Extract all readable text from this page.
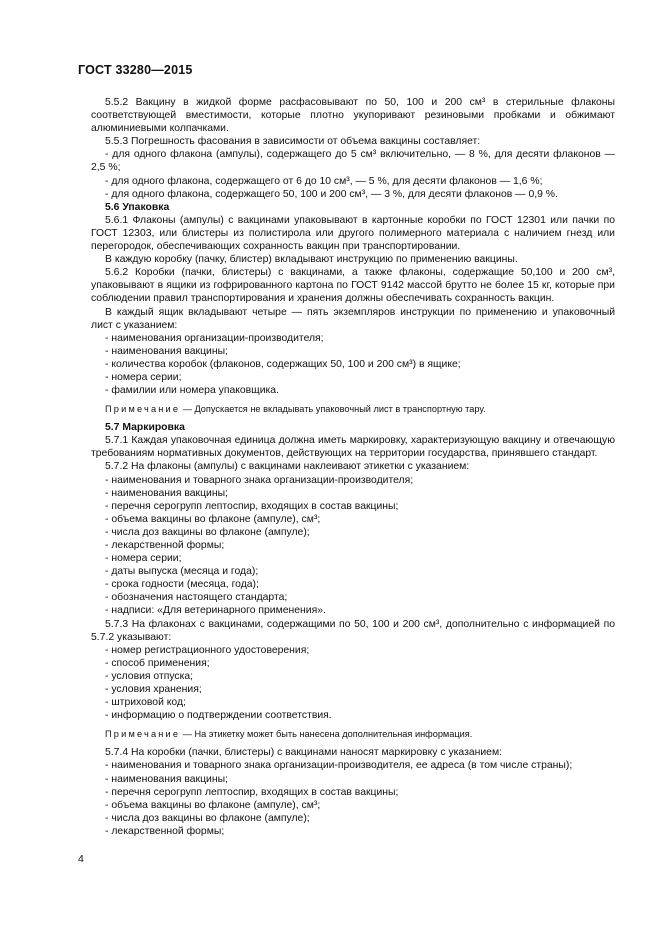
ГОСТ 33280—2015

5.5.2 Вакцину в жидкой форме расфасовывают по 50, 100 и 200 см³ в стерильные флаконы соответствующей вместимости, которые плотно укупоривают резиновыми пробками и обжимают алюминиевыми колпачками.

5.5.3 Погрешность фасования в зависимости от объема вакцины составляет:

- для одного флакона (ампулы), содержащего до 5 см³ включительно, — 8 %, для десяти флаконов — 2,5 %;

- для одного флакона, содержащего от 6 до 10 см³, — 5 %, для десяти флаконов — 1,6 %;

- для одного флакона, содержащего 50, 100 и 200 см³, — 3 %, для десяти флаконов — 0,9 %.

5.6 Упаковка

5.6.1 Флаконы (ампулы) с вакцинами упаковывают в картонные коробки по ГОСТ 12301 или пачки по ГОСТ 12303, или блистеры из полистирола или другого полимерного материала с наличием гнезд или перегородок, обеспечивающих сохранность вакцин при транспортировании.

В каждую коробку (пачку, блистер) вкладывают инструкцию по применению вакцины.

5.6.2 Коробки (пачки, блистеры) с вакцинами, а также флаконы, содержащие 50,100 и 200 см³, упаковывают в ящики из гофрированного картона по ГОСТ 9142 массой брутто не более 15 кг, которые при соблюдении правил транспортирования и хранения должны обеспечивать сохранность вакцин.

В каждый ящик вкладывают четыре — пять экземпляров инструкции по применению и упаковочный лист с указанием:

- наименования организации-производителя;

- наименования вакцины;

- количества коробок (флаконов, содержащих 50, 100 и 200 см³) в ящике;

- номера серии;

- фамилии или номера упаковщика.

Примечание — Допускается не вкладывать упаковочный лист в транспортную тару.

5.7 Маркировка

5.7.1 Каждая упаковочная единица должна иметь маркировку, характеризующую вакцину и отвечающую требованиям нормативных документов, действующих на территории государства, принявшего стандарт.

5.7.2 На флаконы (ампулы) с вакцинами наклеивают этикетки с указанием:

- наименования и товарного знака организации-производителя;

- наименования вакцины;

- перечня серогрупп лептоспир, входящих в состав вакцины;

- объема вакцины во флаконе (ампуле), см³;

- числа доз вакцины во флаконе (ампуле);

- лекарственной формы;

- номера серии;

- даты выпуска (месяца и года);

- срока годности (месяца, года);

- обозначения настоящего стандарта;

- надписи: «Для ветеринарного применения».

5.7.3 На флаконах с вакцинами, содержащими по 50, 100 и 200 см³, дополнительно с информацией по 5.7.2 указывают:

- номер регистрационного удостоверения;

- способ применения;

- условия отпуска;

- условия хранения;

- штриховой код;

- информацию о подтверждении соответствия.

Примечание — На этикетку может быть нанесена дополнительная информация.

5.7.4 На коробки (пачки, блистеры) с вакцинами наносят маркировку с указанием:

- наименования и товарного знака организации-производителя, ее адреса (в том числе страны);

- наименования вакцины;

- перечня серогрупп лептоспир, входящих в состав вакцины;

- объема вакцины во флаконе (ампуле), см³;

- числа доз вакцины во флаконе (ампуле);

- лекарственной формы;

4
